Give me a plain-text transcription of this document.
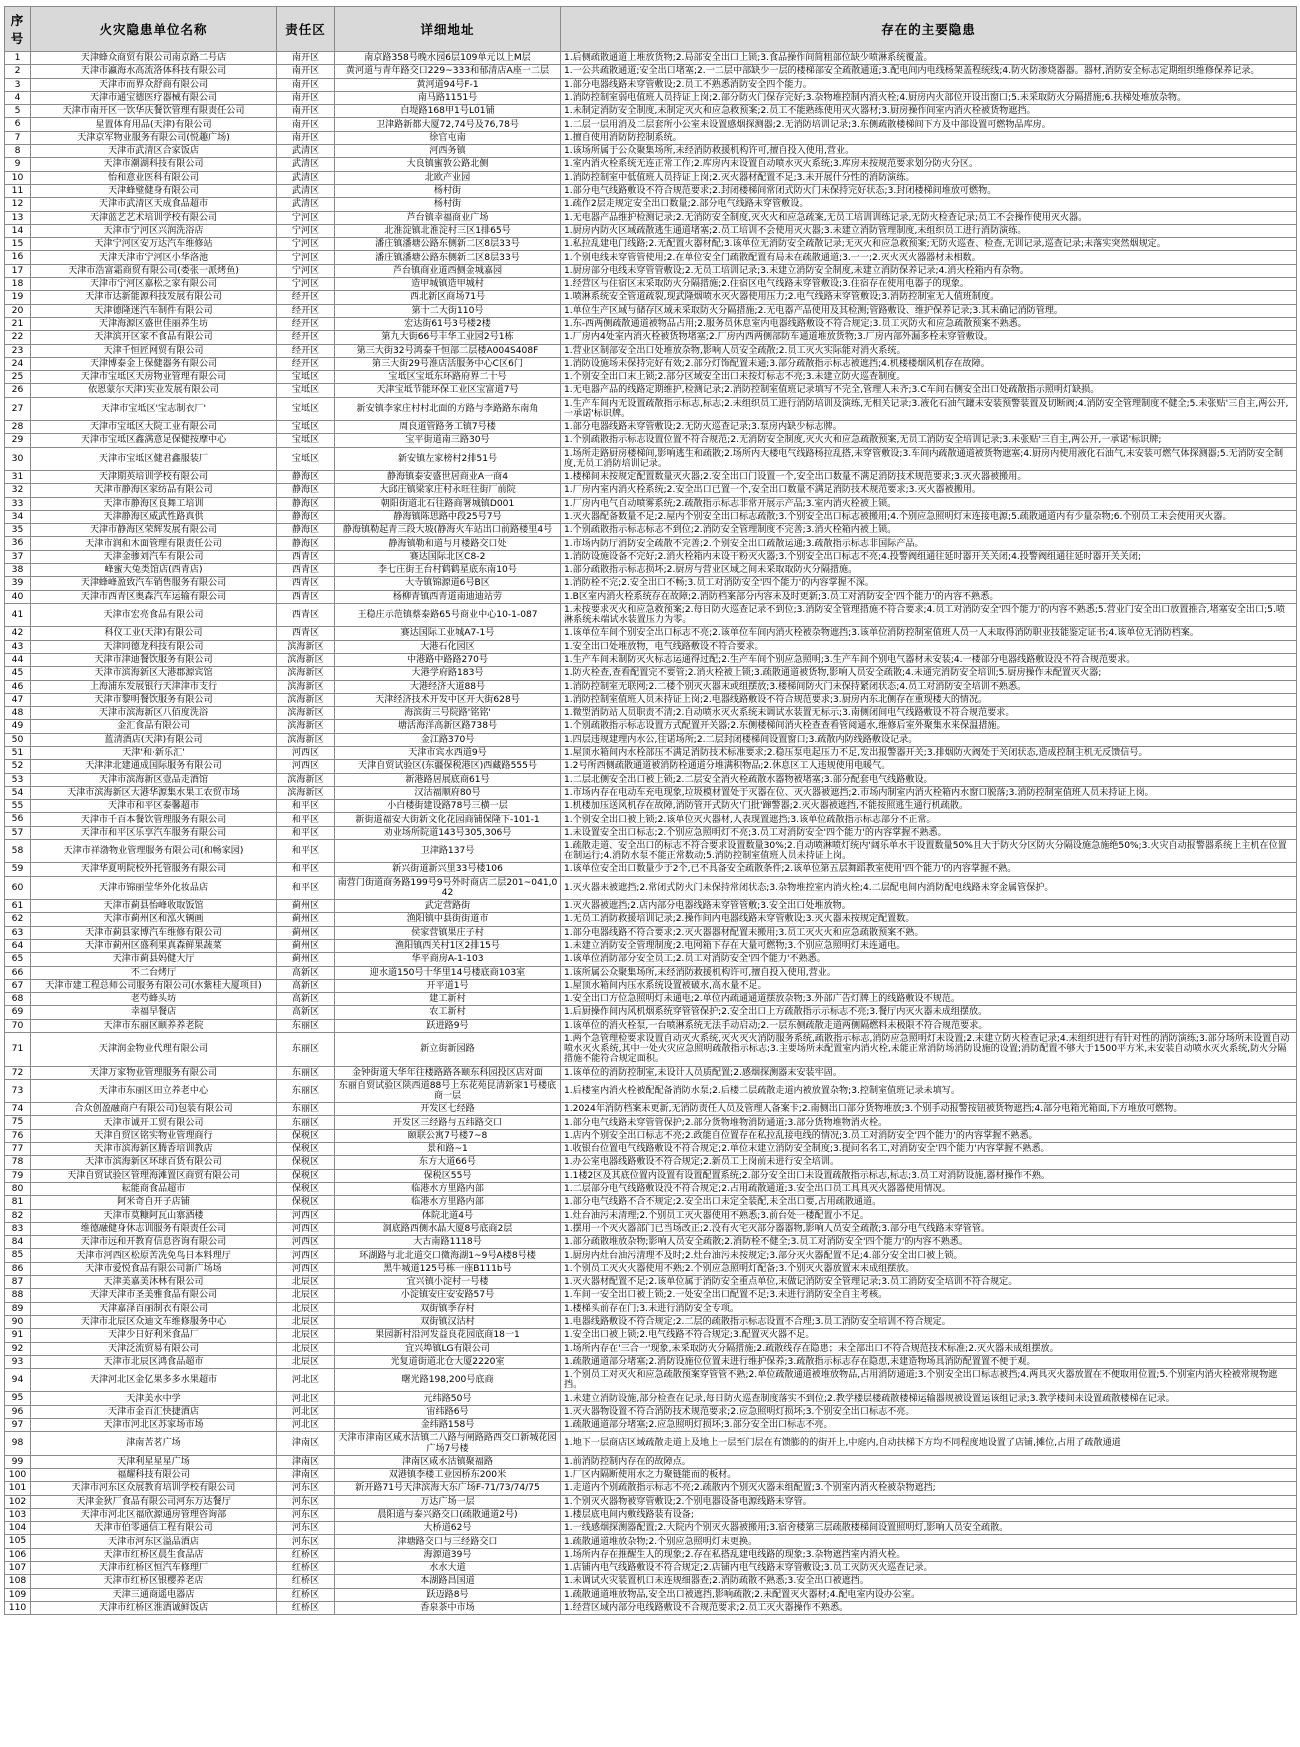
序号	火灾隐患单位名称	责任区	详细地址	存在的主要隐患
1	天津蜂众商贸有限公司南京路二号店	南开区	南京路358号晚水园6层109单元以上M层	1.后侧疏散通道上堆放货物;2.局部安全出口上锁;3.食品操作间简粗部位缺少喷淋系统覆盖。
2	天津市瀛海水高流洛体科技有限公司	南开区	黄河道与青年路交口229~333和郁清店A座一二层	1.一公共疏散通道;安全出口堵塞;2.一二层中部缺少一层的楼梯部安全疏散通道;3.配电间内电线杨架盖程统线;4.防火防渗烧器器。器材,消防安全标志定期组织维修保养记录。
3	天津市而界众舒商有限公司	南开区	黄河道94号F-1	1.部分电器线路未穿管敷设;2.员工不熟悉消防安全四个能力。
4	天津市通宝德医疗器械有限公司	南开区	南马路1151号	1.消防控制室弱电值班人员持证上岗;2.部分防火门保存完好;3.杂物堆控制内消火栓;4.厨房内火部位开设出窗口;5.未采取防火分隔措施;6.扶梯处堆放杂物。
5	天津市南开区一饮华庆餐饮管理有限责任公司	南开区	白堤路168甲1号L01铺	1.未制定消防安全制度,未制定灭火和应急救预案;2.员工不能熟练使用灭火器材;3.厨房操作间室内消火栓被货物遮挡。
6	星置体育用品(天津)有限公司	南开区	卫津路新都大厦72,74号及76,78号	1.二层一层用消及二层套所小公室未设置感烟探测器;2.无消防培训记录;3.东侧疏散楼梯间下方及中部设置可燃物品库房。
7	天津京军物业服务有限公司(悦趣广场)	南开区	徐官屯南	1.擅自使用消防防控制系统。
8	天津市武清区合家饭店	武清区	河西务镇	1.该场所属于公众聚集场所,未经消防救援机构许可,擅自投入使用,营业。
9	天津市潮湖科技有限公司	武清区	大良镇蜜敦公路北侧	1.室内消火栓系统无连正常工作;2.库房内末设置自动喷水灭火系统;3.库房未按规范要求划分防火分区。
10	怡和意业医科有限公司	武清区	北欧产业园	1.消防控制室中低值班人员持证上岗;2.灭火器材配置不足;3.未开展什分性的消防演练。
11	天津蜂璧健身有限公司	武清区	杨村街	1.部分电气线路敷设不符合规范要求;2.封闭楼梯间常闭式防火门未保持完好状态;3.封闭楼梯间堆放可燃物。
12	天津市武清区天成食品超市	武清区	杨村街	1.疏作2层走规定安全出口数量;2.部分电气线路未穿管敷设。
13	天津蓝艺艺术培训学校有限公司	宁河区	芦台镇幸福商业广场	1.无电器产品维护检测记录;2.无消防安全制度,灭火火和应急疏案,无员工培训训练记录,无防火检查记录;员工不会操作使用灭火器。
14	天津市宁河区兴润洗浴店	宁河区	北淮淀镇北淮淀村三区1排65号	1.厨房内防火区域疏散逃生通道堵塞;2.员工培训不会使用灭火器;3.未建立消防管理制度,未组织员工进行消防演练。
15	天津宁河区安万达汽车维修站	宁河区	潘庄镇潘塘公路东侧新二区8层33号	1.私拉乱建电门线路;2.无配置火器材配;3.该单位无消防安全疏散记录;无灭火和应急救预案;无防火巡查、检查,无训记录,巡查记录;未落实突然烟规定。
16	天津天津市宁河区小华洛池	宁河区	潘庄镇潘塘公路东侧新二区8层33号	1.个别电线未穿管管使用;2.在单位安全门疏散配置有局未在疏散通道;3.一一;2.灭火灭火器器材未相数。
17	天津市浩富霜商贸有限公司(娄张一派烤鱼)	宁河区	芦台镇商业道西侧金城嘉园	1.厨房部分电线未穿管管敷设;2.无员工培训记录;3.未建立消防安全制度,未建立消防保养记录;4.消火栓箱内有杂物。
18	天津市宁河区嘉松之家有限公司	宁河区	造甲城镇造甲城村	1.经营区与住宿区末采取防火分隔措施;2.住宿区电气线路未穿管敷设;3.住宿存在使用电器子的现象。
19	天津市达新能源科技发展有限公司	经开区	西北新区商场71号	1.喷淋系统安全管道疏裂,现武隆烟喷水灭火器使用压力;2.电气线路未穿管敷设;3.消防控制室无人值班制度。
20	天津德隆迷汽车制件有限公司	经开区	第十二大街110号	1.单位生产区域与储存区域未采取防火分隔措施;2.无电器产品使用及其检测;管路敷设、维护保养记录;3.其未确记消防管理。
21	天津海源区盛世佳丽养生坊	经开区	宏达街61号3号楼2楼	1.东-西两侧疏散通道被物品占用;2.服务员休息室内电器线路敷设不符合规定;3.员工灭防火和应急疏散预案不熟悉。
22	天津滨开区家不食品有限公司	经开区	第九大街66号丰华工业园2号1栋	1.厂房内4处室内消火栓被货物堵塞;2.厂房内西两侧部防车通道堆放货物;3.厂房内部外漏多栓未穿管敷设。
23	天津千恒匠网贸有限公司	经开区	第三大街32号鸿泰千恒部二层楼A004S408F	1.营业区制部安全出口处堆放杂物,影响人员安全疏散;2.员工灭火实际能对消火系统。
24	天津博泰金上保健器务有限公司	经开区	第三大街29号淮店活服务中心C区6门	1.消防设施场未保持完好有效;2.部分灯饰配置未通;3.部分疏散指示标志被遮挡;4.机楼楼烟风机存在故障。
25	天津市宝坻区天房物业管理有限公司	宝坻区	宝坻区宝坻东环路府界二十号	1.个别安全出口末上锁;2.部分区域安全出口未按灯标志不亮;3.未建立防火巡查制度。
26	依恩蒙尔天津)实业发展有限公司	宝坻区	天津宝坻节能环保工业区宝富道7号	1.无电器产品的线路定期维护,检测记录;2.消防控制室值班记录填写不完全,管理人未齐;3.C车间右侧安全出口处疏散指示照明灯缺损。
27	天津市宝坻区'宝志制衣厂'	宝坻区	新安镇李家庄村村北面的方路与李路路东南角	1.生产车间内无设置疏散指示标志,标志;2.未组织员工进行消防培训及演练,无相关记录;3.液化石油气罐未安装预警装置及切断阀;4.消防安全管理制度不健全;5.未张贴'三自主,两公开,一承诺'标识牌。
28	天津市宝坻区大院工业有限公司	宝坻区	周良道管路务工镇7号楼	1.部分电器线路未穿管敷设;2.无防火巡查记录;3.泵房内缺少标志牌。
29	天津市宝坻区鑫满意足保健按摩中心	宝坻区	宝平街道南三路30号	1.个别疏散指示标志设置位置不符合规范;2.无消防安全制度,灭火火和应急疏散预案,无员工消防安全培训记录;3.未张贴'三自主,两公开,一承诺'标识牌;
30	天津市宝坻区健君鑫服装厂	宝坻区	新安镇左家榜村2排51号	1.场所走路厨房楼梯间,影响逃生和疏散;2.场所内大楼电气线路杨拉乱搭,未穿管敷设;3.车间内疏散通道被货物遮塞;4.厨房内使用液化石油气,未安装可燃气体探测器;5.无消防安全制度,无员工消防培训记录。
31	天津期英培训学校有限公司	静海区	静海镇泰安盛世居商业A一商4	1.楼梯间未按规定配置数量灭火器;2.安全出口门设置一个,安全出口数量不满足消防技术规范要求;3.灭火器被搬用。
32	天津市静海区家纺品有限公司	静海区	大邱庄镇梁家庄村永旺往街厂前院	1.厂房内室内消火栓系统;2.安全出口已置一个,安全出口数量不满足消防技术规范要求;3.灭火器被搬用。
33	天津市静海区良舞工培训	静海区	朝阳街道北石往路商署城镇D001	1.厂房内电气自动喷雾系统;2.疏散指示标志非常开展示产品;3.室内消火栓被上锁。
34	天津静海区威武性路真供	静海区	静海镇陈思路中段25号7号	1.灭火器配备数量不足;2.屋内个别安全出口标志疏散;3.个别安全出口标志被搬用;4.个别应急照明灯末连接电源;5.疏散通道内有少量杂物;6.个别员工未会使用灭火器。
35	天津市静海区荣辉发展有限公司	静海区	静海镇勒起青三段大坡(静海火车站出口前路楼里4号	1.个别疏散指示标志标志不到位;2.消防安全管理制度不完善;3.消火栓箱内被上锁。
36	天津市润和木面管理有限责任公司	静海区	静海镇勒和道与月楼路交口处	1.市场内防厅消防安全疏散不完善;2.个别安全出口疏散运通;3.疏散指示标志非国际产品。
37	天津金骖刘汽车有限公司	西青区	赛达国际北区C8-2	1.消防设施设备不完好;2.消火栓箱内未设干粉灭火器;3.个别安全出口标志不亮;4.投警阀组通往延时器开关关闭;4.投警阀组通往延时器开关关闭;
38	峰蜜大兔类馆店(西青店)	西青区	李七庄街王台村鹤鹤星底东南10号	1.部分疏散指示标志损坏;2.厨房与营业区域之间未采取取防火分隔措施。
39	天津蜂峰盈致汽车销售服务有限公司	西青区	大寺镇锦源道6号B区	1.消防栓不完;2.安全出口不畅;3.员工对消防安全'四个能力'的内容掌握不深。
40	天津市西青区奥森汽车运输有限公司	西青区	杨柳青镇西青道南迪迪站劳	1.B区室内消火栓系统存在故障;2.消防档案部分内容未及时更新;3.员工对消防安全'四个能力'的内容不熟悉。
41	天津市宏亮食品有限公司	西青区	王稳庄示范镇蔡泰路65号商业中心10-1-087	1.未按要求灭火和应急救预案;2.每日防火巡查记录不到位;3.消防安全管理措施不符合要求;4.员工对消防安全'四个能力'的内容不熟悉;5.营业门安全出口放置推合,堵塞安全出口;5.喷淋系统未端试水装置压力为零。
42	科仪工业(天津)有限公司	西青区	赛达国际工业城A7-1号	1.该单位车间个别安全出口标志不亮;2.该单位车间内消火栓被杂物遮挡;3.该单位消防控制室值班人员一人未取得消防职业技能鉴定证书;4.该单位无消防档案。
43	天津同德龙科技有限公司	滨海新区	大港石化园区	1.安全出口处堆放物，电气线路敷设不符合要求。
44	天津市津迪餐饮服务有限公司	滨海新区	中港路中路路270号	1.生产车间未制防灭火标志运通得过配;2.生产车间个别应急照明;3.生产车间个别电气器材未安装;4.一楼部分电器线路敷设没不符合规范要求。
45	天津市滨海新区大港郡源宾馆	滨海新区	大港学府路183号	1.防火栓查,查看配置完不要管;2.消火栓被上锁;3.疏散通道被货物,影响人员安全疏散;4.未通完消防安全培训;5.厨房操作未配置灭火器;
46	上海浦东发展银行天津津市支行	滨海新区	大港经济大道88号	1.消防控制室无联网;2.二楼个别灭火器末或组摆放;3.楼梯间防火门未保持紧闭状态;4.员工对消防安全培训不熟悉。
47	天津市黎明餐饮服务有限公司	滨海新区	天津经济技术开发中区开大街628号	1.消防控制室值班人员未持证上岗;2.电器线路敷设不符合规范要求;3.厨房内东北侧存在重现楼大的情况。
48	天津市滨海新区八佰度洗浴	滨海新区	海滨街三号院路'铭铭'	1.微型消防站人员职责不清;2.自动喷水灭火系统未调试水装置无标示;3.南侧闭间电气线路敷设不符合规范要求。
49	金汇食品有限公司	滨海新区	塘活海洋高新区路738号	1.个别疏散指示标志设置方式配置开关器;2.东侧楼梯间消火栓查查看管阅通水,维修后室外聚集水来保温措施。
50	蓝清酒店(天津)有限公司	滨海新区	金江路370号	1.四层违规建理内水公,往诺场所;2.二层封闭楼梯间设置窗口;3.疏散内防线路敷设记录。
51	天津'和·新乐汇'	河西区	天津市宾水西道9号	1.屋顶水箱间内水栓部压不满足消防技术标准要求;2.稳压泵电起压力不足,发出报警器开关;3.排烟防火阀处于关闭状态,造成控制主机无反馈信号。
52	天津津北建通成国际服务有限公司	河西区	天津自贸试验区(东疆保税港区)西藏路555号	1.2号所西侧疏散通道被消防栓通道分堆满积物品;2.休息区工人违规使用电暖气。
53	天津市滨海新区壹品走酒馆	滨海新区	新港路居展底商61号	1.二层北侧安全出口被上锁;2.二层安全消火栓疏散水器物被堵塞;3.部分配套电气线路敷设。
54	天津市滨海新区大港华源集水果工农贸市场	滨海新区	汉沽福顺府80号	1.市场内存在电动车充电现象,垃圾模材置处于灭器在位、灭火器被遮挡;2.市场内制室内消火栓箱内水窗口脱落;3.消防控制室值班人员未持证上岗。
55	天津市和平区泰馨超市	和平区	小白楼街建设路78号三横一层	1.机楼加压送风机存在故障,消防管开式防火'门批'蹿警器;2.灭火器被遮挡,不能按照逃生通行机疏散。
56	天津市千百本餐饮管理服务有限公司	和平区	新街道福安大街新文化花园商铺保隆下-101-1	1.个别安全出口被上锁;2.该单位灭火器材,人表现置遮挡;3.该单位疏散指示标志部分不正常。
57	天津市和平区乐享汽车服务有限公司	和平区	劝业场所院道143号305,306号	1.未设置安全出口标志;2.个别应急照明灯不亮;3.员工对消防安全'四个能力'的内容掌握不熟悉。
58	天津市祥渤物业管理服务有限公司(和畅家园)	和平区	卫津路137号	1.疏散走道、安全出口的标志不符合要求设置数量30%;2.自动喷淋喷灯统内'阔乐单水干设置数量50%且大于防火分区防火分隔设施急施绝50%;3.火灾自动报警器系统上主机在位置在制运行;4.消防水泵不能正常数动;5.消防控制室值班人员未持证上岗。
59	天津华夏明院校外托管服务有限公司	和平区	新兴街道新兴里33号楼106	1.该单位安全出口数量少于2个,已不具备安全疏散条件;2.该单位第五层舞蹈教室使用'四个能力'的内容掌握不熟。
60	天津市锦丽莹华外化妆品店	和平区	南营门街道商务路199号9号外时商店二层201~041,042	1.灭火器未被遮挡;2.常闭式防火门未保持常闭状态;3.杂物堆控室内消火栓;4.二层配电间内消防配电线路未穿金属管保护。
61	天津市蓟县怡峰收取饭馆	蓟州区	武定营路街	1.灭火器被遮挡;2.店内部分电器线路未穿管管敷;3.安全出口处堆放物。
62	天津市蓟州区和泓火辆画	蓟州区	渔阳镇中县街街道市	1.无员工消防救援培训记录;2.操作间内电器线路未穿管敷设;3.灭火器未按规定配置数。
63	天津市蓟县家博汽车维修有限公司	蓟州区	侯家营镇果庄子村	1.部分电器线路不符合要求;2.灭火器器材配置未搬用;3.员工灭火火和应急疏散预案不熟。
64	天津市蓟州区盛利果真森鲜果蔬菜	蓟州区	渔阳镇西关村1区2排15号	1.未建立消防安全管理制度;2.电网箱下存在大量可燃物;3.个别应急照明灯未连通电。
65	天津市蓟县妈健大厅	蓟州区	华平商房A-1-103	1.该单位消防部分安全员工;2.员工对消防安全'四个能力'不熟悉。
66	不二台烤厅	高新区	迎水道150号十华里14号楼底商103室	1.该所属公众聚集场所,未经消防救援机构许可,擅自投入使用,营业。
67	天津市建工程总师公司服务有限公司(水紫桂大厦项目)	高新区	开平道1号	1.屋顶水箱间内压水系统设置被破水,高水量不足。
68	老芍蜂头坊	高新区	建工新村	1.安全出口方位急照明灯未通电;2.单位内疏通通道摆放杂物;3.外部广告灯牌上的线路敷设不规范。
69	幸福早餐店	高新区	农工新村	1.后厨操作间内风机烟系统穿管管保护;2.安全出口上方疏散指示示标志不亮;3.餐厅内灭火器未成组摆放。
70	天津市东丽区颐养养老院	东丽区	跃进路9号	1.该单位的消火栓泵,一台喷淋系统无法手动启动;2.一层东侧疏散走道两侧隔燃料未极限不符合规范要求。
71	天津润金物业代理有限公司	东丽区	新立街新园路	1.两个急管理检要求设置自动灭火系统,灭火灭火消防服务系统,疏散指示标志,消防应急照明灯未设置;2.未建立防火检查记录;4.未组织进行有针对性的消防演练;3.部分场所未设置自动喷水灭火系统,其中一处火灾应急照明疏散指示标志;3.主要场所未配置室内消火栓,未能正常消防场消防设施的设置;消防配置不够大于1500平方米,未安装自动喷水灭火系统,防火分隔措施不能符合规定面积。
72	天津万家物业管理服务有限公司	东丽区	金钟街道大华年往楼路路各颐东科园投区店对面	1.该单位的消防控制室,未设计人员质配置;2.感烟探测器末安装牢固。
73	天津市东丽区田立养老中心	东丽区	东丽自贸试验区陕西道88号上东花苑昆清新家1号楼底商一层	1.后楼室内消火栓被配配备消防水泵;2.后楼二层疏散走道内被放置杂物;3.控制室值班记录未填写。
74	合众创盈融商户有限公司)包装有限公司	东丽区	开发区七经路	1.2024年消防档案未更新,无消防责任人员及管理人备案卡;2.南侧出口部分货物堆放;3.个别手动报警按钮被货物遮挡;4.部分电箱光箱面,下方堆放可燃物。
75	天津市诚开工贸有限公司	东丽区	开发区三经路与五纬路交口	1.部分电气线路未穿管管保护;2.部分货物堆物消防通道;3.部分货物堆物消火栓。
76	天津自贸区铭实物业管理商行	保税区	颐联公寓7号楼7~8	1.店内个别安全出口标志不亮;2.政能自位置存在私拉乱接电线的情况;3.员工对消防安全'四个能力'的内容掌握不熟悉。
77	天津市滨海新区腾香培训教店	保税区	景和路~1	1.收银台位置电气线路敷设不符合规定;2.单位末建立消防安全制度;3.提问名名工,对消防安全'四个能力'内容掌握不熟悉。
78	天津市滨海新区环球百货有限公司	保税区	东方大道66号	1.办公室电器线路敷设不符合规定;2.新员工上岗前未进行安全培训。
79	天津自贸试验区管理海滩置区商贸有限公司	保税区	保税区55号	1.1楼2区及其底位置内设置有设置配置系统;2.部分安全出口未设置疏散指示标志,标志;3.员工对消防设施,器材操作不熟。
80	耘能商食品超市	保税区	临港水方里路内部	1.二层部分电气线路敷设没不符合规定;2.占用疏散通道;3.安全出口员工具具灭火器器使用情况。
81	阿米奇自开子店铺	保税区	临港水方里路内部	1.部分电气线路不合不规定;2.安全出口未定全装配,未全出口要,占用疏散通道。
82	天津市莫糠阿瓦山寨酒楼	河西区	体院北道4号	1.灶台油污未清理;2.个别员工灭火器使用不熟悉;3.前台处一楼配置小不足。
83	维德融健身休志训服务有限责任公司	河西区	洞底路西侧水晶大厦8号底商2层	1.摆用一个灭火器部门已当场改正;2.没有火宅灭部分器器物,影响人员安全疏散;3.部分电气线路末穿管管。
84	天津市远和开教育信息咨询有限公司	河西区	大古南路1118号	1.部分疏散堆放杂物;影响人员安全疏散;2.消防栓不健全;3.员工对消防安全'四个能力'的内容不熟悉。
85	天津市河西区松原苦冼免鸟日本料理厅	河西区	环湖路与北北道交口微海湖1~9号A楼8号楼	1.厨房内灶台油污清理不及时;2.灶台油污未按规定;3.部分灭火器配置不足;4.部分安全出口被上锁。
86	天津市爱悦食品有限公司新广场场	河西区	黑牛城道125号栋一座B111b号	1.个别员工灭火火器使用不熟;2.个别应急照明灯配备;3.个别灭火器放置末未成组摆放。
87	天津美嘉美沐林有限公司	北辰区	宜兴镇小淀村一号楼	1.灭火器材配置不足;2.该单位属于消防安全重点单位,末做记消防安全管理记录;3.员工消防安全培训不符合规定。
88	天津天津市圣美雅食品有限公司	北辰区	小淀镇安庄安安路57号	1.车间一安全出口被上锁;2.一处安全出口配置不足;3.未进行消防安全自主考核。
89	天津嘉泽百丽制衣有限公司	北辰区	双街镇季存村	1.楼梯头前存在门;3.未进行消防安全专项。
90	天津市北辰区众迪文车维修服务中心	北辰区	双街镇汉沽村	1.电器线路敷设不符合规定;2.二层的疏散指示标志设置不合理;3.员工消防安全培训不符合规定。
91	天津少日好利米食品厂	北辰区	果园新村沿河发益良花园底商18一1	1.安全出口被上锁;2.电气线路不符合规定;3.配置灭火器不足。
92	天津泛流贸易有限公司	北辰区	宜兴埠镇LG有限公司	1.场所内存在'三合一'现象,未采取防火分隔措施;2.疏散线存在隐患；未全部出口不符合规范技术标准;2.灭火器未成组摆放。
93	天津市北辰区鸿食品超市	北辰区	光复道街道北仓大厦2220室	1.疏散通道部分堵塞;2.消防设施位位置未进行维护保养;3.疏散指示标志存在隐患,未建造物场具消防配置置不便于观。
94	天津河北区金亿果多多水果超市	河北区	曙光路198,200号底商	1.个别员工对灭火和应急疏散预案穿管管不熟;2.单位疏散通道被堆放物品,占用消防通道;3.个别安全出口标志被挡;4.两具灭火器放置在不便取用位置;5.个别室内消火栓被常规物遮挡。
95	天津美水中学	河北区	元纬路50号	1.未建立消防设施,部分检查在记录,每日防火巡查制度落实不到位;2.教学楼层楼疏散楼梯运输器规被设置运该组记录;3.教学楼间未设置疏散楼梯在记录。
96	天津市金百汇快捷酒店	河北区	宙纬路6号	1.灭火器物设置不符合消防技术规范要求;2.应急照明灯损坏;3.个别安全出口标志不亮。
97	天津市河北区苏家场市场	河北区	金纬路158号	1.疏散通道部分堵塞;2.应急照明灯损坏;3.部分安全出口标志不亮。
98	津南苦茗广场	津南区	天津市津南区咸水沽镇二八路与闸路路西交口新城花园广场7号楼	1.地下一层商店区域疏散走道上及地上一层至门层在有馈膨的的街开上,中庭内,自动扶梯下方均不同程度地设置了店铺,摊位,占用了疏散通道
99	天津利星星星广场	津南区	津南区咸水沽镇聚福路	1.前消防控制内存在的故障点。
100	福耀科技有限公司	津南区	双港镇李楼工业园桥东200米	1.厂区内隔断使用水之力聚链能而的板材。
101	天津市河东区众展教育培训学校有限公司	河东区	新开路71号天津滨海大东广场F-71/73/74/75	1.走道内个别疏散指示标志不亮;2.疏散内个别灭火器未组配置;3.个别室内消火栓被杂物遮挡;
102	天津金狄厂食品有限公司河东万达餐厅	河东区	万达广场一层	1.个别灭火器物被穿管敷设;2.个别电器设备电源线路未穿管。
103	天津市河北区福欣源通房管理咨询部	河东区	晨阳道与泰兴路交口(疏散通道2号)	1.楼层底电间内敷线路装有设备;
104	天津市伯零通信工程有限公司	河东区	大桥道62号	1.一线感烟探测器配置;2.大院内个别灭火器被搬用;3.宿舍楼第三层疏散楼梯间设置照明灯,影响人员安全疏散。
105	天津市河东区溢品酒店	河东区	津塘路交口与三经路交口	1.疏散通道堆放杂物;2.个别应急照明灯未更换。
106	天津市红桥区晨生食品店	红桥区	海源道39号	1.场所内存在推醒生人的现象;2.存在私搭乱建电线路的现象;3.杂物遮挡室内消火栓。
107	天津市红桥区恒汽车修理厂	红桥区	水水大道	1.店铺内电气线路敷设不符合规定;2.店铺内电气线路末穿管敷设;3.员工灭防灭火巡查记录。
108	天津市红桥区银樱养老店	红桥区	本湖路昌国道	1.未调试火灾装置机口未连规细器查;2.消防疏散不熟悉;3.安全出口被遮挡。
109	天津三通商遥电器店	红桥区	跃迈路8号	1.疏散通道堆放物品,安全出口被遮挡,影响疏散;2.未配置灭火器材;4.配电室内设办公室。
110	天津市红桥区淮酒诚鲜饭店	红桥区	香泉茶中市场	1.经营区域内部分电线路敷设不合规范要求;2.员工灭火器操作不熟悉。
